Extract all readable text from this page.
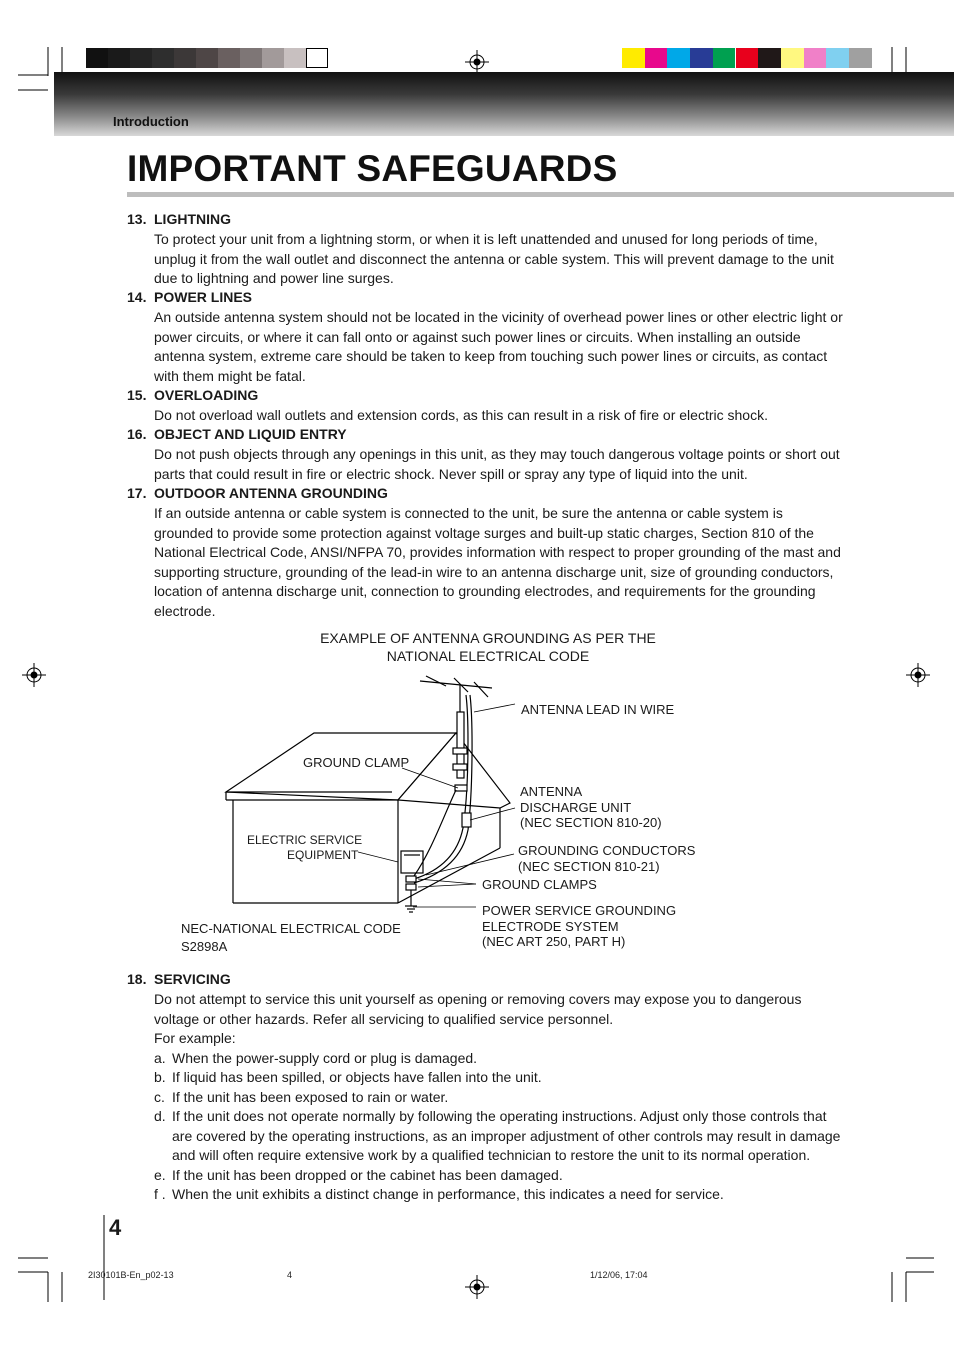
Introduction
IMPORTANT SAFEGUARDS
13. LIGHTNING
To protect your unit from a lightning storm, or when it is left unattended and unused for long periods of time, unplug it from the wall outlet and disconnect the antenna or cable system. This will prevent damage to the unit due to lightning and power line surges.
14. POWER LINES
An outside antenna system should not be located in the vicinity of overhead power lines or other electric light or power circuits, or where it can fall onto or against such power lines or circuits. When installing an outside antenna system, extreme care should be taken to keep from touching such power lines or circuits, as contact with them might be fatal.
15. OVERLOADING
Do not overload wall outlets and extension cords, as this can result in a risk of fire or electric shock.
16. OBJECT AND LIQUID ENTRY
Do not push objects through any openings in this unit, as they may touch dangerous voltage points or short out parts that could result in fire or electric shock. Never spill or spray any type of liquid into the unit.
17. OUTDOOR ANTENNA GROUNDING
If an outside antenna or cable system is connected to the unit, be sure the antenna or cable system is grounded to provide some protection against voltage surges and built-up static charges, Section 810 of the National Electrical Code, ANSI/NFPA 70, provides information with respect to proper grounding of the mast and supporting structure, grounding of the lead-in wire to an antenna discharge unit, size of grounding conductors, location of antenna discharge unit, connection to grounding electrodes, and requirements for the grounding electrode.
EXAMPLE OF ANTENNA GROUNDING AS PER THE
NATIONAL ELECTRICAL CODE
ANTENNA LEAD IN WIRE
GROUND CLAMP
ANTENNA
DISCHARGE UNIT
(NEC SECTION 810-20)
ELECTRIC SERVICE
EQUIPMENT	GROUNDING CONDUCTORS
(NEC SECTION 810-21)
GROUND CLAMPS
POWER SERVICE GROUNDING
ELECTRODE SYSTEM
(NEC ART 250, PART H)
NEC-NATIONAL ELECTRICAL CODE
S2898A
18. SERVICING
Do not attempt to service this unit yourself as opening or removing covers may expose you to dangerous voltage or other hazards. Refer all servicing to qualified service personnel.
For example:
a. When the power-supply cord or plug is damaged.
b. If liquid has been spilled, or objects have fallen into the unit.
c. If the unit has been exposed to rain or water.
d. If the unit does not operate normally by following the operating instructions. Adjust only those controls that are covered by the operating instructions, as an improper adjustment of other controls may result in damage and will often require extensive work by a qualified technician to restore the unit to its normal operation.
e. If the unit has been dropped or the cabinet has been damaged.
f . When the unit exhibits a distinct change in performance, this indicates a need for service.
4
2I30101B-En_p02-13	4	1/12/06, 17:04
